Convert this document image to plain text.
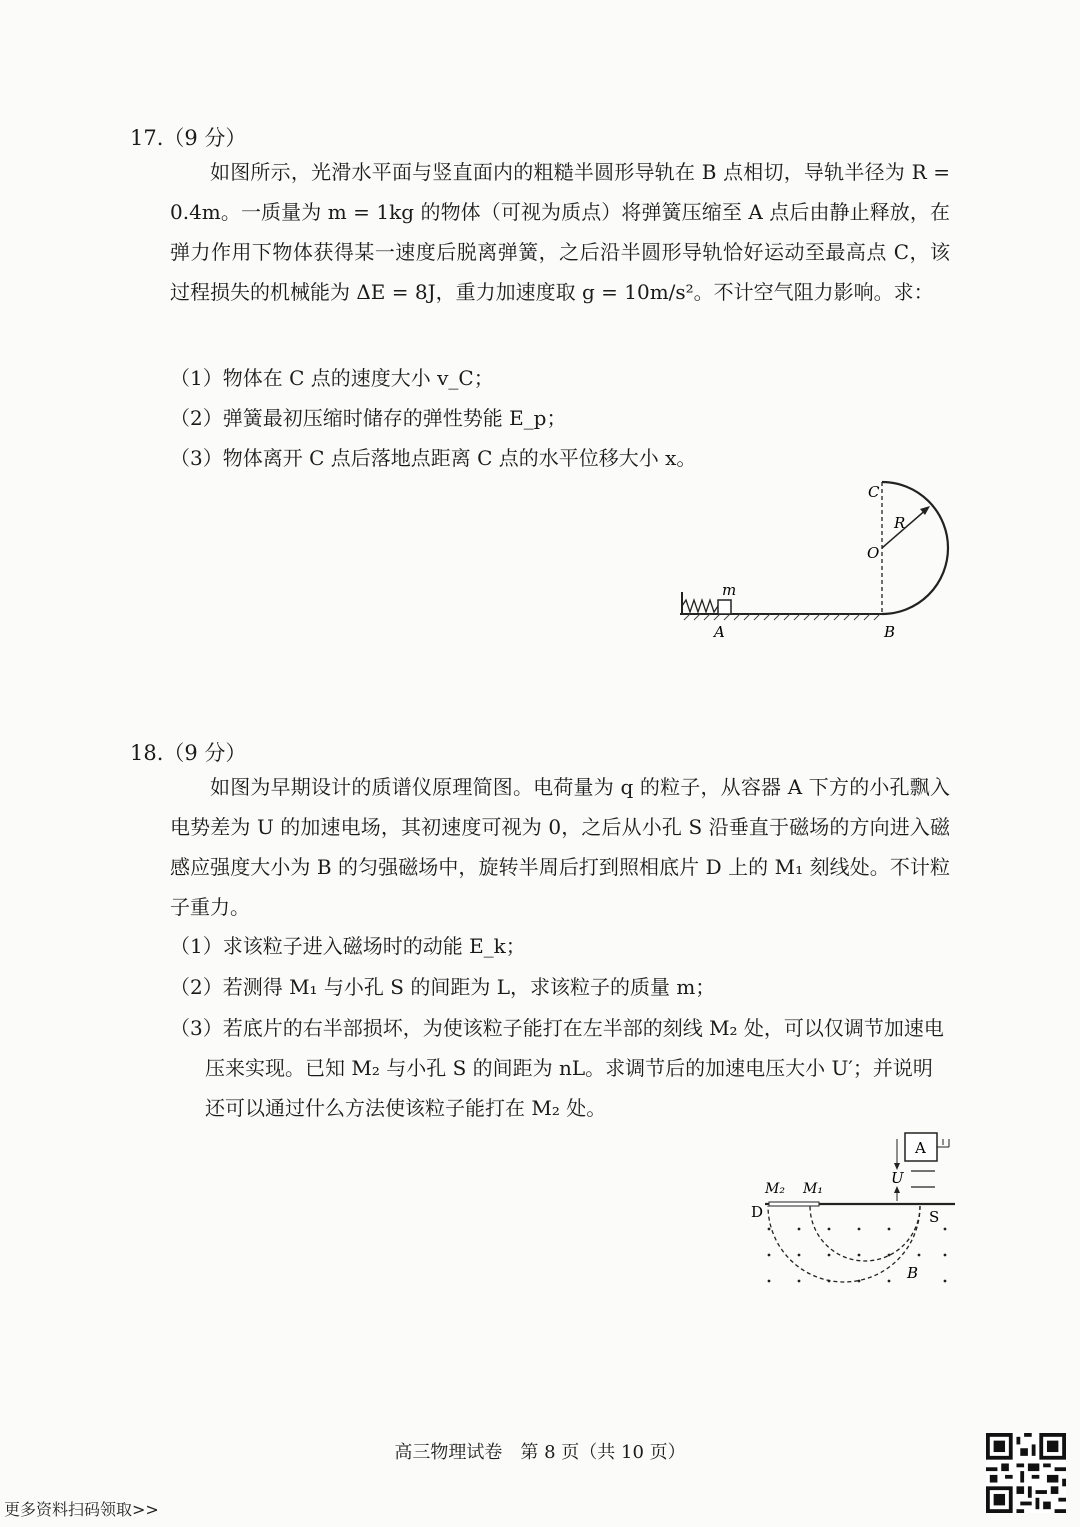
17.（9 分）
如图所示，光滑水平面与竖直面内的粗糙半圆形导轨在 B 点相切，导轨半径为 R = 0.4m。一质量为 m = 1kg 的物体（可视为质点）将弹簧压缩至 A 点后由静止释放，在弹力作用下物体获得某一速度后脱离弹簧，之后沿半圆形导轨恰好运动至最高点 C，该过程损失的机械能为 ΔE = 8J，重力加速度取 g = 10m/s²。不计空气阻力影响。求：
（1）物体在 C 点的速度大小 v_C；
（2）弹簧最初压缩时储存的弹性势能 E_p；
（3）物体离开 C 点后落地点距离 C 点的水平位移大小 x。
m
A
R
O
C
B
18.（9 分）
如图为早期设计的质谱仪原理简图。电荷量为 q 的粒子，从容器 A 下方的小孔飘入电势差为 U 的加速电场，其初速度可视为 0，之后从小孔 S 沿垂直于磁场的方向进入磁感应强度大小为 B 的匀强磁场中，旋转半周后打到照相底片 D 上的 M₁ 刻线处。不计粒子重力。
（1）求该粒子进入磁场时的动能 E_k；
（2）若测得 M₁ 与小孔 S 的间距为 L，求该粒子的质量 m；
（3）若底片的右半部损坏，为使该粒子能打在左半部的刻线 M₂ 处，可以仅调节加速电
压来实现。已知 M₂ 与小孔 S 的间距为 nL。求调节后的加速电压大小 U′；并说明
还可以通过什么方法使该粒子能打在 M₂ 处。
A
U
M₂ M₁
D	S
B
高三物理试卷　第 8 页（共 10 页）
更多资料扫码领取>>
